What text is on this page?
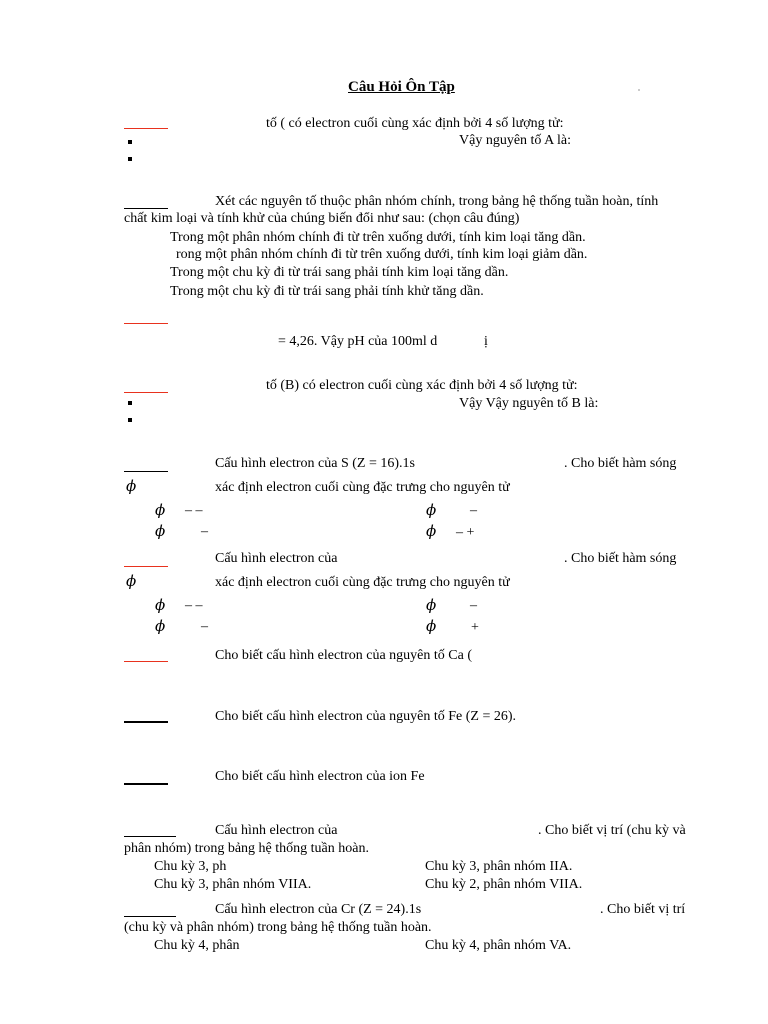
Câu Hỏi Ôn Tập
tố ( có electron cuối cùng xác định bởi 4 số lượng tử:
Vậy nguyên tố A là:
Xét các nguyên tố thuộc phân nhóm chính, trong bảng hệ thống tuần hoàn, tính
chất kim loại và tính khử của chúng biến đổi như sau: (chọn câu đúng)
Trong một phân nhóm chính đi từ trên xuống dưới, tính kim loại tăng dần.
rong một phân nhóm chính đi từ trên xuống dưới, tính kim loại giảm dần.
Trong một chu kỳ đi từ trái sang phải tính kim loại tăng dần.
Trong một chu kỳ đi từ trái sang phải tính khử tăng dần.
= 4,26. Vậy pH của 100ml d	ị
tố (B) có electron cuối cùng xác định bởi 4 số lượng tử:
Vậy Vậy nguyên tố B là:
Cấu hình electron của S (Z = 16).1s	. Cho biết hàm sóng
ϕ	xác định electron cuối cùng đặc trưng cho nguyên tử
ϕ – –	ϕ –
ϕ	–	ϕ – +
Cấu hình electron của	. Cho biết hàm sóng
ϕ	xác định electron cuối cùng đặc trưng cho nguyên tử
ϕ – –	ϕ –
ϕ	–	ϕ +
Cho biết cấu hình electron của nguyên tố Ca (
Cho biết cấu hình electron của nguyên tố Fe (Z = 26).
Cho biết cấu hình electron của ion Fe
Cấu hình electron của	. Cho biết vị trí (chu kỳ và
phân nhóm) trong bảng hệ thống tuần hoàn.
Chu kỳ 3, ph	Chu kỳ 3, phân nhóm IIA.
Chu kỳ 3, phân nhóm VIIA.	Chu kỳ 2, phân nhóm VIIA.
Cấu hình electron của Cr (Z = 24).1s	. Cho biết vị trí
(chu kỳ và phân nhóm) trong bảng hệ thống tuần hoàn.
Chu kỳ 4, phân	Chu kỳ 4, phân nhóm VA.
